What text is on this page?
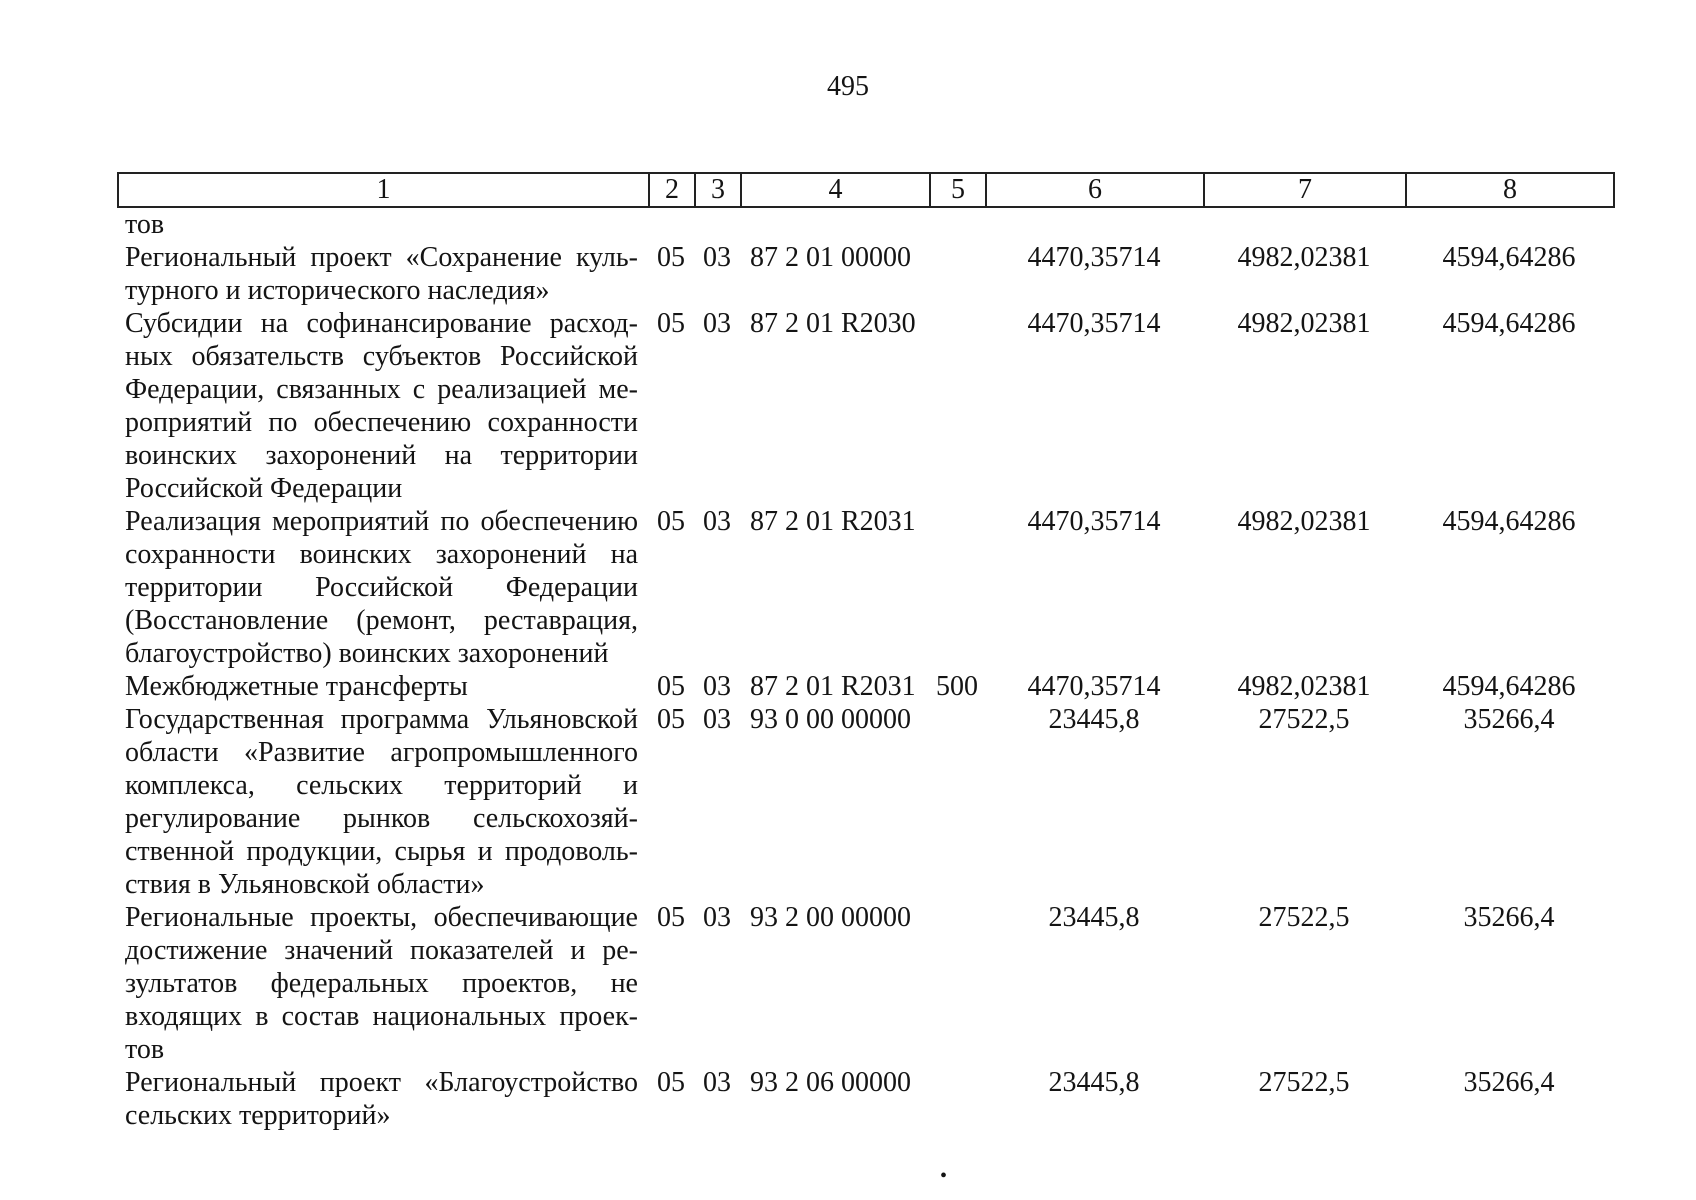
495
1	2	3	4	5	6	7	8
тов							
Региональный проект «Сохранение культурного и исторического наследия»	05	03	87 2 01 00000		4470,35714	4982,02381	4594,64286
Субсидии на софинансирование расходных обязательств субъектов Российской Федерации, связанных с реализацией мероприятий по обеспечению сохранности воинских захоронений на территории Российской Федерации	05	03	87 2 01 R2030		4470,35714	4982,02381	4594,64286
Реализация мероприятий по обеспечению сохранности воинских захоронений на территории Российской Федерации (Восстановление (ремонт, реставрация, благоустройство) воинских захоронений	05	03	87 2 01 R2031		4470,35714	4982,02381	4594,64286
Межбюджетные трансферты	05	03	87 2 01 R2031	500	4470,35714	4982,02381	4594,64286
Государственная программа Ульяновской области «Развитие агропромышленного комплекса, сельских территорий и регулирование рынков сельскохозяйственной продукции, сырья и продовольствия в Ульяновской области»	05	03	93 0 00 00000		23445,8	27522,5	35266,4
Региональные проекты, обеспечивающие достижение значений показателей и результатов федеральных проектов, не входящих в состав национальных проектов	05	03	93 2 00 00000		23445,8	27522,5	35266,4
Региональный проект «Благоустройство сельских территорий»	05	03	93 2 06 00000		23445,8	27522,5	35266,4
•
